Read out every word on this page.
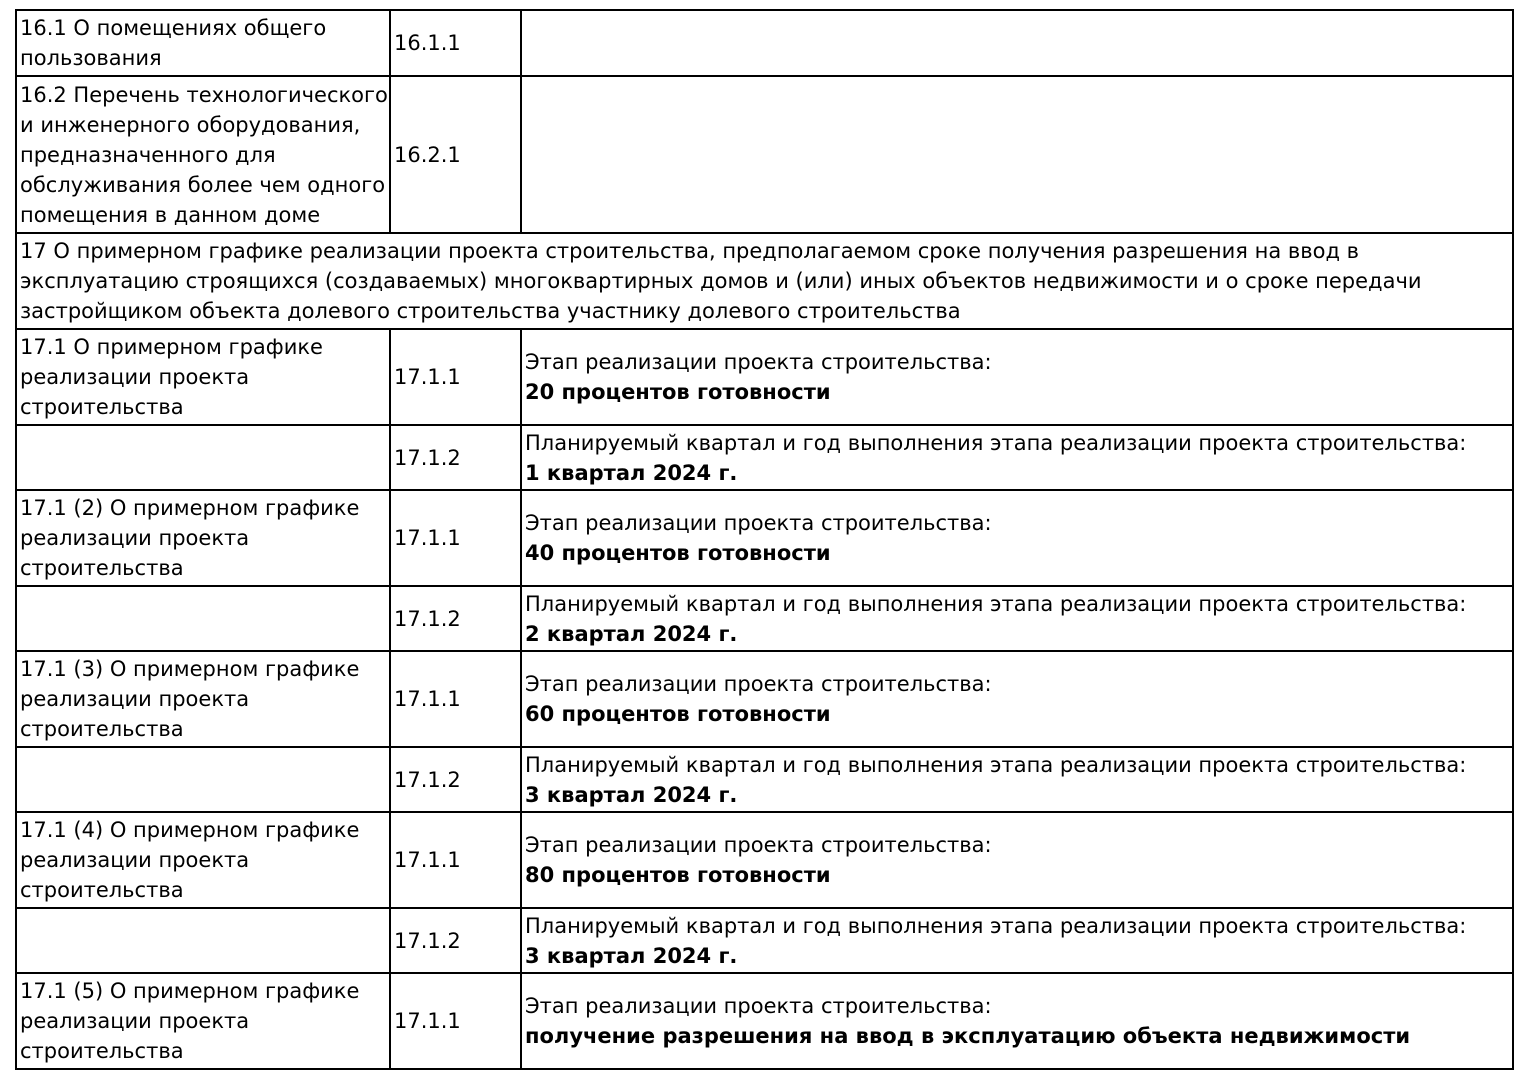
16.1 О помещениях общего пользования	16.1.1	
16.2 Перечень технологического и инженерного оборудования, предназначенного для обслуживания более чем одного помещения в данном доме	16.2.1	
17 О примерном графике реализации проекта строительства, предполагаемом сроке получения разрешения на ввод в эксплуатацию строящихся (создаваемых) многоквартирных домов и (или) иных объектов недвижимости и о сроке передачи застройщиком объекта долевого строительства участнику долевого строительства		
17.1 О примерном графике реализации проекта строительства	17.1.1	Этап реализации проекта строительства:
20 процентов готовности

	17.1.2	Планируемый квартал и год выполнения этапа реализации проекта строительства:
1 квартал 2024 г.

17.1 (2) О примерном графике реализации проекта строительства	17.1.1	Этап реализации проекта строительства:
40 процентов готовности

	17.1.2	Планируемый квартал и год выполнения этапа реализации проекта строительства:
2 квартал 2024 г.

17.1 (3) О примерном графике реализации проекта строительства	17.1.1	Этап реализации проекта строительства:
60 процентов готовности

	17.1.2	Планируемый квартал и год выполнения этапа реализации проекта строительства:
3 квартал 2024 г.

17.1 (4) О примерном графике реализации проекта строительства	17.1.1	Этап реализации проекта строительства:
80 процентов готовности

	17.1.2	Планируемый квартал и год выполнения этапа реализации проекта строительства:
3 квартал 2024 г.

17.1 (5) О примерном графике реализации проекта строительства	17.1.1	Этап реализации проекта строительства:
получение разрешения на ввод в эксплуатацию объекта недвижимости
